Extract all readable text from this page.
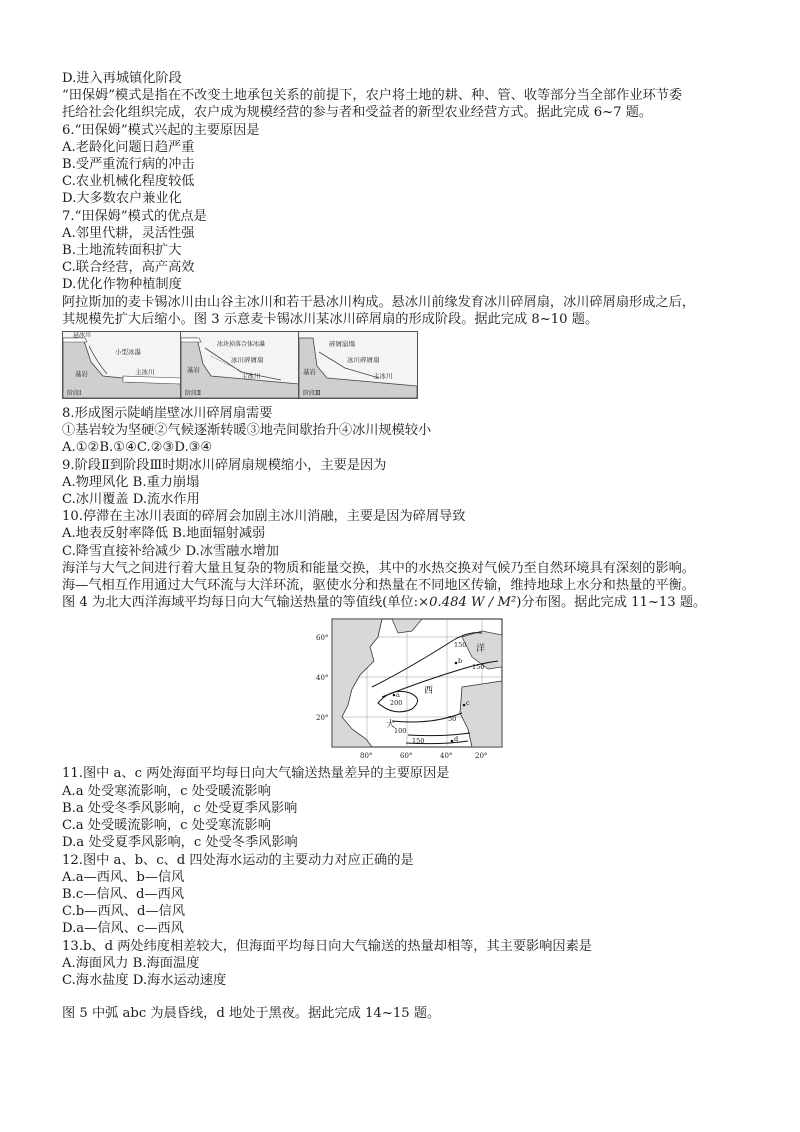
D.进入再城镇化阶段
“田保姆”模式是指在不改变土地承包关系的前提下，农户将土地的耕、种、管、收等部分当全部作业环节委
托给社会化组织完成，农户成为规模经营的参与者和受益者的新型农业经营方式。据此完成 6~7 题。
6.“田保姆”模式兴起的主要原因是
A.老龄化问题日趋严重
B.受严重流行病的冲击
C.农业机械化程度较低
D.大多数农户兼业化
7.“田保姆”模式的优点是
A.邻里代耕，灵活性强
B.土地流转面积扩大
C.联合经营，高产高效
D.优化作物种植制度
阿拉斯加的麦卡锡冰川由山谷主冰川和若干悬冰川构成。悬冰川前缘发育冰川碎屑扇，冰川碎屑扇形成之后，
其规模先扩大后缩小。图 3 示意麦卡锡冰川某冰川碎屑扇的形成阶段。据此完成 8~10 题。
悬冰川
小型冰瀑
基岩	主冰川
阶段Ⅰ
冰块掉落合体冰瀑
冰川碎屑扇
基岩
主冰川
阶段Ⅱ
碎屑崩塌
冰川碎屑扇
基岩	主冰川
阶段Ⅲ
8.形成图示陡峭崖壁冰川碎屑扇需要
①基岩较为坚硬②气候逐渐转暖③地壳间歇抬升④冰川规模较小
A.①②B.①④C.②③D.③④
9.阶段Ⅱ到阶段Ⅲ时期冰川碎屑扇规模缩小，主要是因为
A.物理风化 B.重力崩塌
C.冰川覆盖 D.流水作用
10.停滞在主冰川表面的碎屑会加剧主冰川消融，主要是因为碎屑导致
A.地表反射率降低 B.地面辐射减弱
C.降雪直接补给减少 D.冰雪融水增加
海洋与大气之间进行着大量且复杂的物质和能量交换，其中的水热交换对气候乃至自然环境具有深刻的影响。
海—气相互作用通过大气环流与大洋环流，驱使水分和热量在不同地区传输，维持地球上水分和热量的平衡。
图 4 为北大西洋海域平均每日向大气输送热量的等值线(单位:×0.484 W / M²)分布图。据此完成 11~13 题。
60°
40°
20°
80°	60°	40°	20°
150
150
200
50
100
150
洋
西
大
a
b
c
d
11.图中 a、c 两处海面平均每日向大气输送热量差异的主要原因是
A.a 处受寒流影响，c 处受暖流影响
B.a 处受冬季风影响，c 处受夏季风影响
C.a 处受暖流影响，c 处受寒流影响
D.a 处受夏季风影响，c 处受冬季风影响
12.图中 a、b、c、d 四处海水运动的主要动力对应正确的是
A.a—西风、b—信风
B.c—信风、d—西风
C.b—西风、d—信风
D.a—信风、c—西风
13.b、d 两处纬度相差较大，但海面平均每日向大气输送的热量却相等，其主要影响因素是
A.海面风力 B.海面温度
C.海水盐度 D.海水运动速度
图 5 中弧 abc 为晨昏线，d 地处于黑夜。据此完成 14~15 题。
